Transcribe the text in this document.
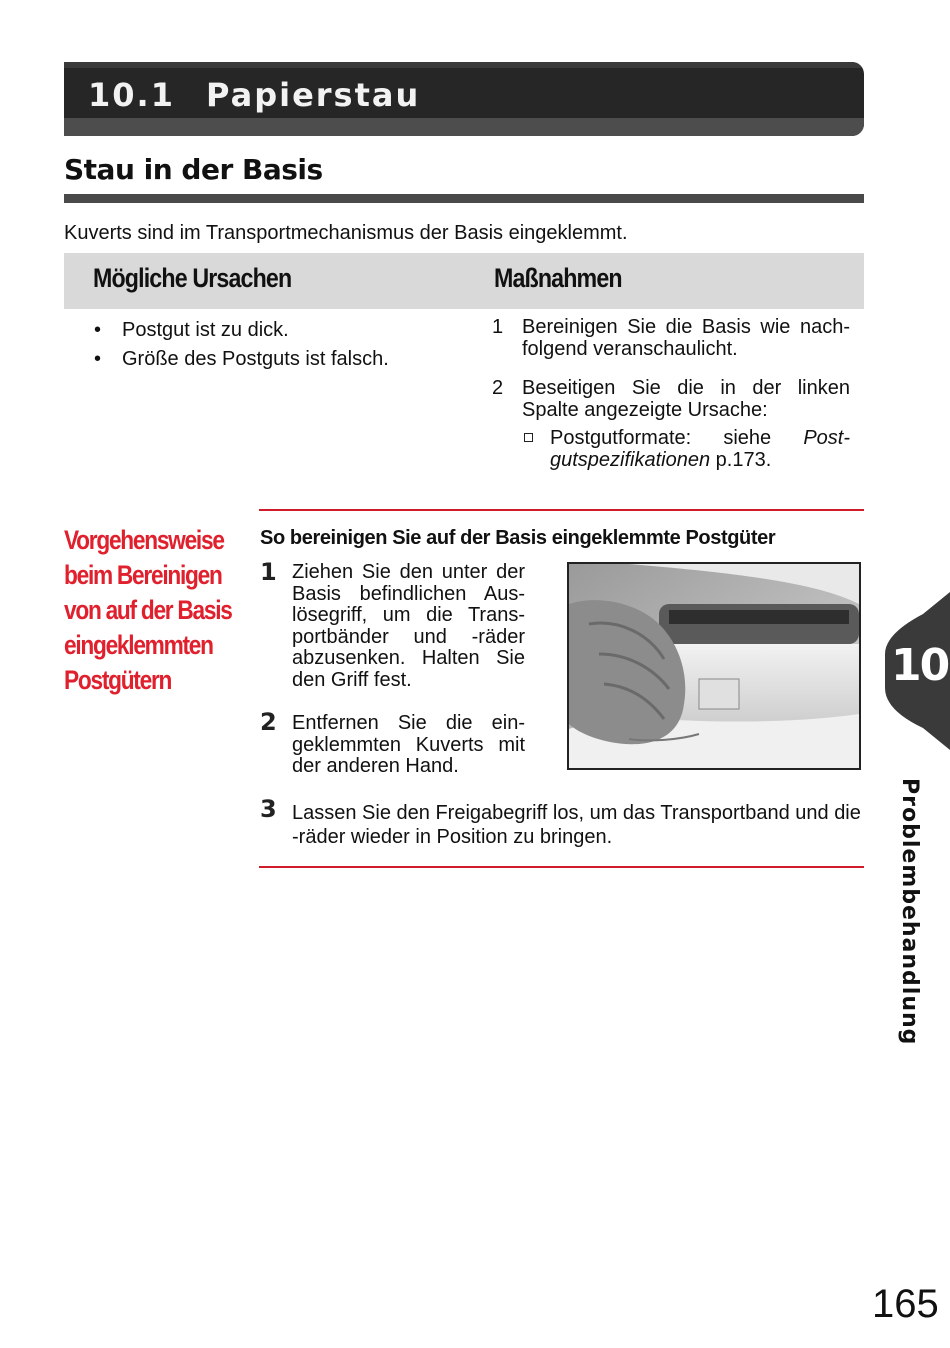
10.1 Papierstau
Stau in der Basis
Kuverts sind im Transportmechanismus der Basis eingeklemmt.
Mögliche Ursachen	Maßnahmen
• Postgut ist zu dick.
• Größe des Postguts ist falsch.
1 Bereinigen Sie die Basis wie nach-folgend veranschaulicht.
2 Beseitigen Sie die in der linken Spalte angezeigte Ursache:
Postgutformate: siehe Post-gutspezifikationen p.173.
Vorgehensweise
beim Bereinigen
von auf der Basis
eingeklemmten
Postgütern
So bereinigen Sie auf der Basis eingeklemmte Postgüter
1 Ziehen Sie den unter der Basis befindlichen Aus-lösegriff, um die Trans-portbänder und -räder abzusenken. Halten Sie den Griff fest.
2 Entfernen Sie die ein-geklemmten Kuverts mit der anderen Hand.
3 Lassen Sie den Freigabegriff los, um das Transportband und die -räder wieder in Position zu bringen.
10
Problembehandlung
165
